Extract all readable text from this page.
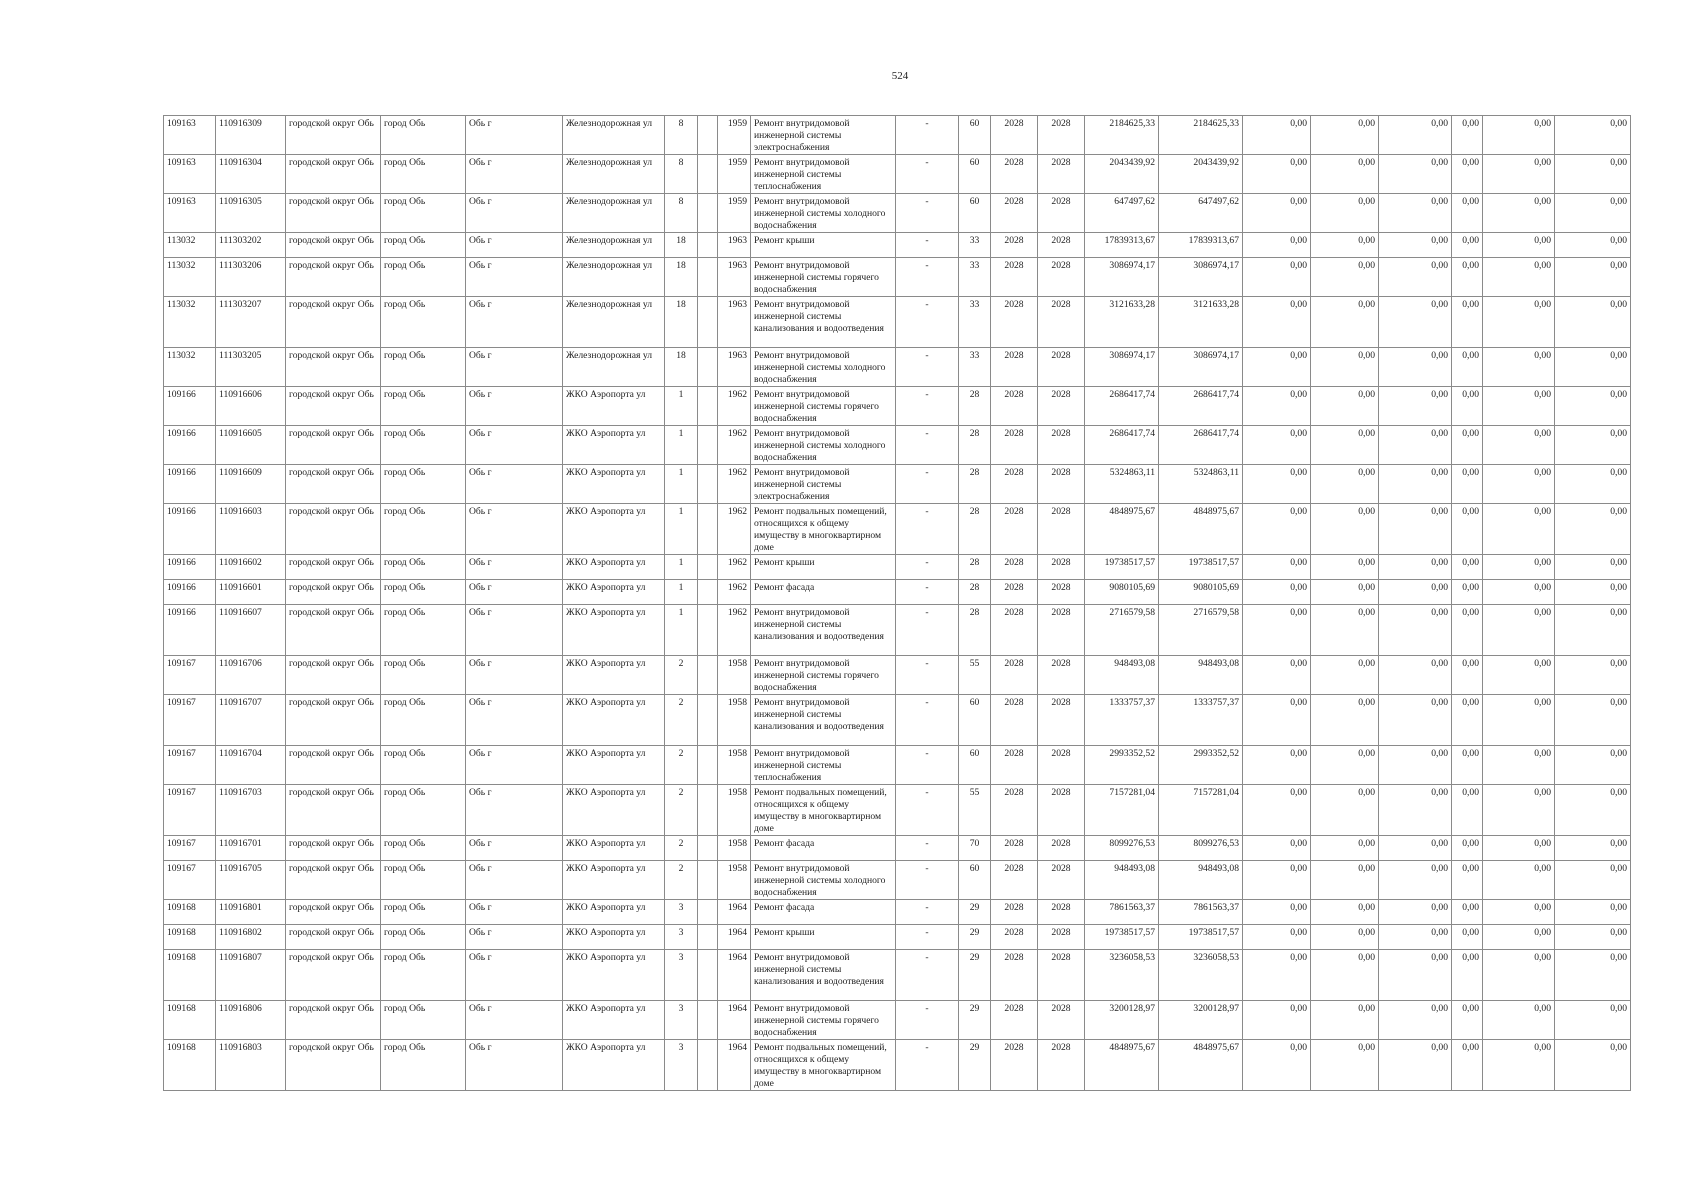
524
109163	110916309	городской округ Обь	город Обь	Обь г	Железнодорожная ул	8		1959	Ремонт внутридомовой инженерной системы электроснабжения	-	60	2028	2028	2184625,33	2184625,33	0,00	0,00	0,00	0,00	0,00	0,00
109163	110916304	городской округ Обь	город Обь	Обь г	Железнодорожная ул	8		1959	Ремонт внутридомовой инженерной системы теплоснабжения	-	60	2028	2028	2043439,92	2043439,92	0,00	0,00	0,00	0,00	0,00	0,00
109163	110916305	городской округ Обь	город Обь	Обь г	Железнодорожная ул	8		1959	Ремонт внутридомовой инженерной системы холодного водоснабжения	-	60	2028	2028	647497,62	647497,62	0,00	0,00	0,00	0,00	0,00	0,00
113032	111303202	городской округ Обь	город Обь	Обь г	Железнодорожная ул	18		1963	Ремонт крыши	-	33	2028	2028	17839313,67	17839313,67	0,00	0,00	0,00	0,00	0,00	0,00
113032	111303206	городской округ Обь	город Обь	Обь г	Железнодорожная ул	18		1963	Ремонт внутридомовой инженерной системы горячего водоснабжения	-	33	2028	2028	3086974,17	3086974,17	0,00	0,00	0,00	0,00	0,00	0,00
113032	111303207	городской округ Обь	город Обь	Обь г	Железнодорожная ул	18		1963	Ремонт внутридомовой инженерной системы канализования и водоотведения	-	33	2028	2028	3121633,28	3121633,28	0,00	0,00	0,00	0,00	0,00	0,00
113032	111303205	городской округ Обь	город Обь	Обь г	Железнодорожная ул	18		1963	Ремонт внутридомовой инженерной системы холодного водоснабжения	-	33	2028	2028	3086974,17	3086974,17	0,00	0,00	0,00	0,00	0,00	0,00
109166	110916606	городской округ Обь	город Обь	Обь г	ЖКО Аэропорта ул	1		1962	Ремонт внутридомовой инженерной системы горячего водоснабжения	-	28	2028	2028	2686417,74	2686417,74	0,00	0,00	0,00	0,00	0,00	0,00
109166	110916605	городской округ Обь	город Обь	Обь г	ЖКО Аэропорта ул	1		1962	Ремонт внутридомовой инженерной системы холодного водоснабжения	-	28	2028	2028	2686417,74	2686417,74	0,00	0,00	0,00	0,00	0,00	0,00
109166	110916609	городской округ Обь	город Обь	Обь г	ЖКО Аэропорта ул	1		1962	Ремонт внутридомовой инженерной системы электроснабжения	-	28	2028	2028	5324863,11	5324863,11	0,00	0,00	0,00	0,00	0,00	0,00
109166	110916603	городской округ Обь	город Обь	Обь г	ЖКО Аэропорта ул	1		1962	Ремонт подвальных помещений, относящихся к общему имуществу в многоквартирном доме	-	28	2028	2028	4848975,67	4848975,67	0,00	0,00	0,00	0,00	0,00	0,00
109166	110916602	городской округ Обь	город Обь	Обь г	ЖКО Аэропорта ул	1		1962	Ремонт крыши	-	28	2028	2028	19738517,57	19738517,57	0,00	0,00	0,00	0,00	0,00	0,00
109166	110916601	городской округ Обь	город Обь	Обь г	ЖКО Аэропорта ул	1		1962	Ремонт фасада	-	28	2028	2028	9080105,69	9080105,69	0,00	0,00	0,00	0,00	0,00	0,00
109166	110916607	городской округ Обь	город Обь	Обь г	ЖКО Аэропорта ул	1		1962	Ремонт внутридомовой инженерной системы канализования и водоотведения	-	28	2028	2028	2716579,58	2716579,58	0,00	0,00	0,00	0,00	0,00	0,00
109167	110916706	городской округ Обь	город Обь	Обь г	ЖКО Аэропорта ул	2		1958	Ремонт внутридомовой инженерной системы горячего водоснабжения	-	55	2028	2028	948493,08	948493,08	0,00	0,00	0,00	0,00	0,00	0,00
109167	110916707	городской округ Обь	город Обь	Обь г	ЖКО Аэропорта ул	2		1958	Ремонт внутридомовой инженерной системы канализования и водоотведения	-	60	2028	2028	1333757,37	1333757,37	0,00	0,00	0,00	0,00	0,00	0,00
109167	110916704	городской округ Обь	город Обь	Обь г	ЖКО Аэропорта ул	2		1958	Ремонт внутридомовой инженерной системы теплоснабжения	-	60	2028	2028	2993352,52	2993352,52	0,00	0,00	0,00	0,00	0,00	0,00
109167	110916703	городской округ Обь	город Обь	Обь г	ЖКО Аэропорта ул	2		1958	Ремонт подвальных помещений, относящихся к общему имуществу в многоквартирном доме	-	55	2028	2028	7157281,04	7157281,04	0,00	0,00	0,00	0,00	0,00	0,00
109167	110916701	городской округ Обь	город Обь	Обь г	ЖКО Аэропорта ул	2		1958	Ремонт фасада	-	70	2028	2028	8099276,53	8099276,53	0,00	0,00	0,00	0,00	0,00	0,00
109167	110916705	городской округ Обь	город Обь	Обь г	ЖКО Аэропорта ул	2		1958	Ремонт внутридомовой инженерной системы холодного водоснабжения	-	60	2028	2028	948493,08	948493,08	0,00	0,00	0,00	0,00	0,00	0,00
109168	110916801	городской округ Обь	город Обь	Обь г	ЖКО Аэропорта ул	3		1964	Ремонт фасада	-	29	2028	2028	7861563,37	7861563,37	0,00	0,00	0,00	0,00	0,00	0,00
109168	110916802	городской округ Обь	город Обь	Обь г	ЖКО Аэропорта ул	3		1964	Ремонт крыши	-	29	2028	2028	19738517,57	19738517,57	0,00	0,00	0,00	0,00	0,00	0,00
109168	110916807	городской округ Обь	город Обь	Обь г	ЖКО Аэропорта ул	3		1964	Ремонт внутридомовой инженерной системы канализования и водоотведения	-	29	2028	2028	3236058,53	3236058,53	0,00	0,00	0,00	0,00	0,00	0,00
109168	110916806	городской округ Обь	город Обь	Обь г	ЖКО Аэропорта ул	3		1964	Ремонт внутридомовой инженерной системы горячего водоснабжения	-	29	2028	2028	3200128,97	3200128,97	0,00	0,00	0,00	0,00	0,00	0,00
109168	110916803	городской округ Обь	город Обь	Обь г	ЖКО Аэропорта ул	3		1964	Ремонт подвальных помещений, относящихся к общему имуществу в многоквартирном доме	-	29	2028	2028	4848975,67	4848975,67	0,00	0,00	0,00	0,00	0,00	0,00
